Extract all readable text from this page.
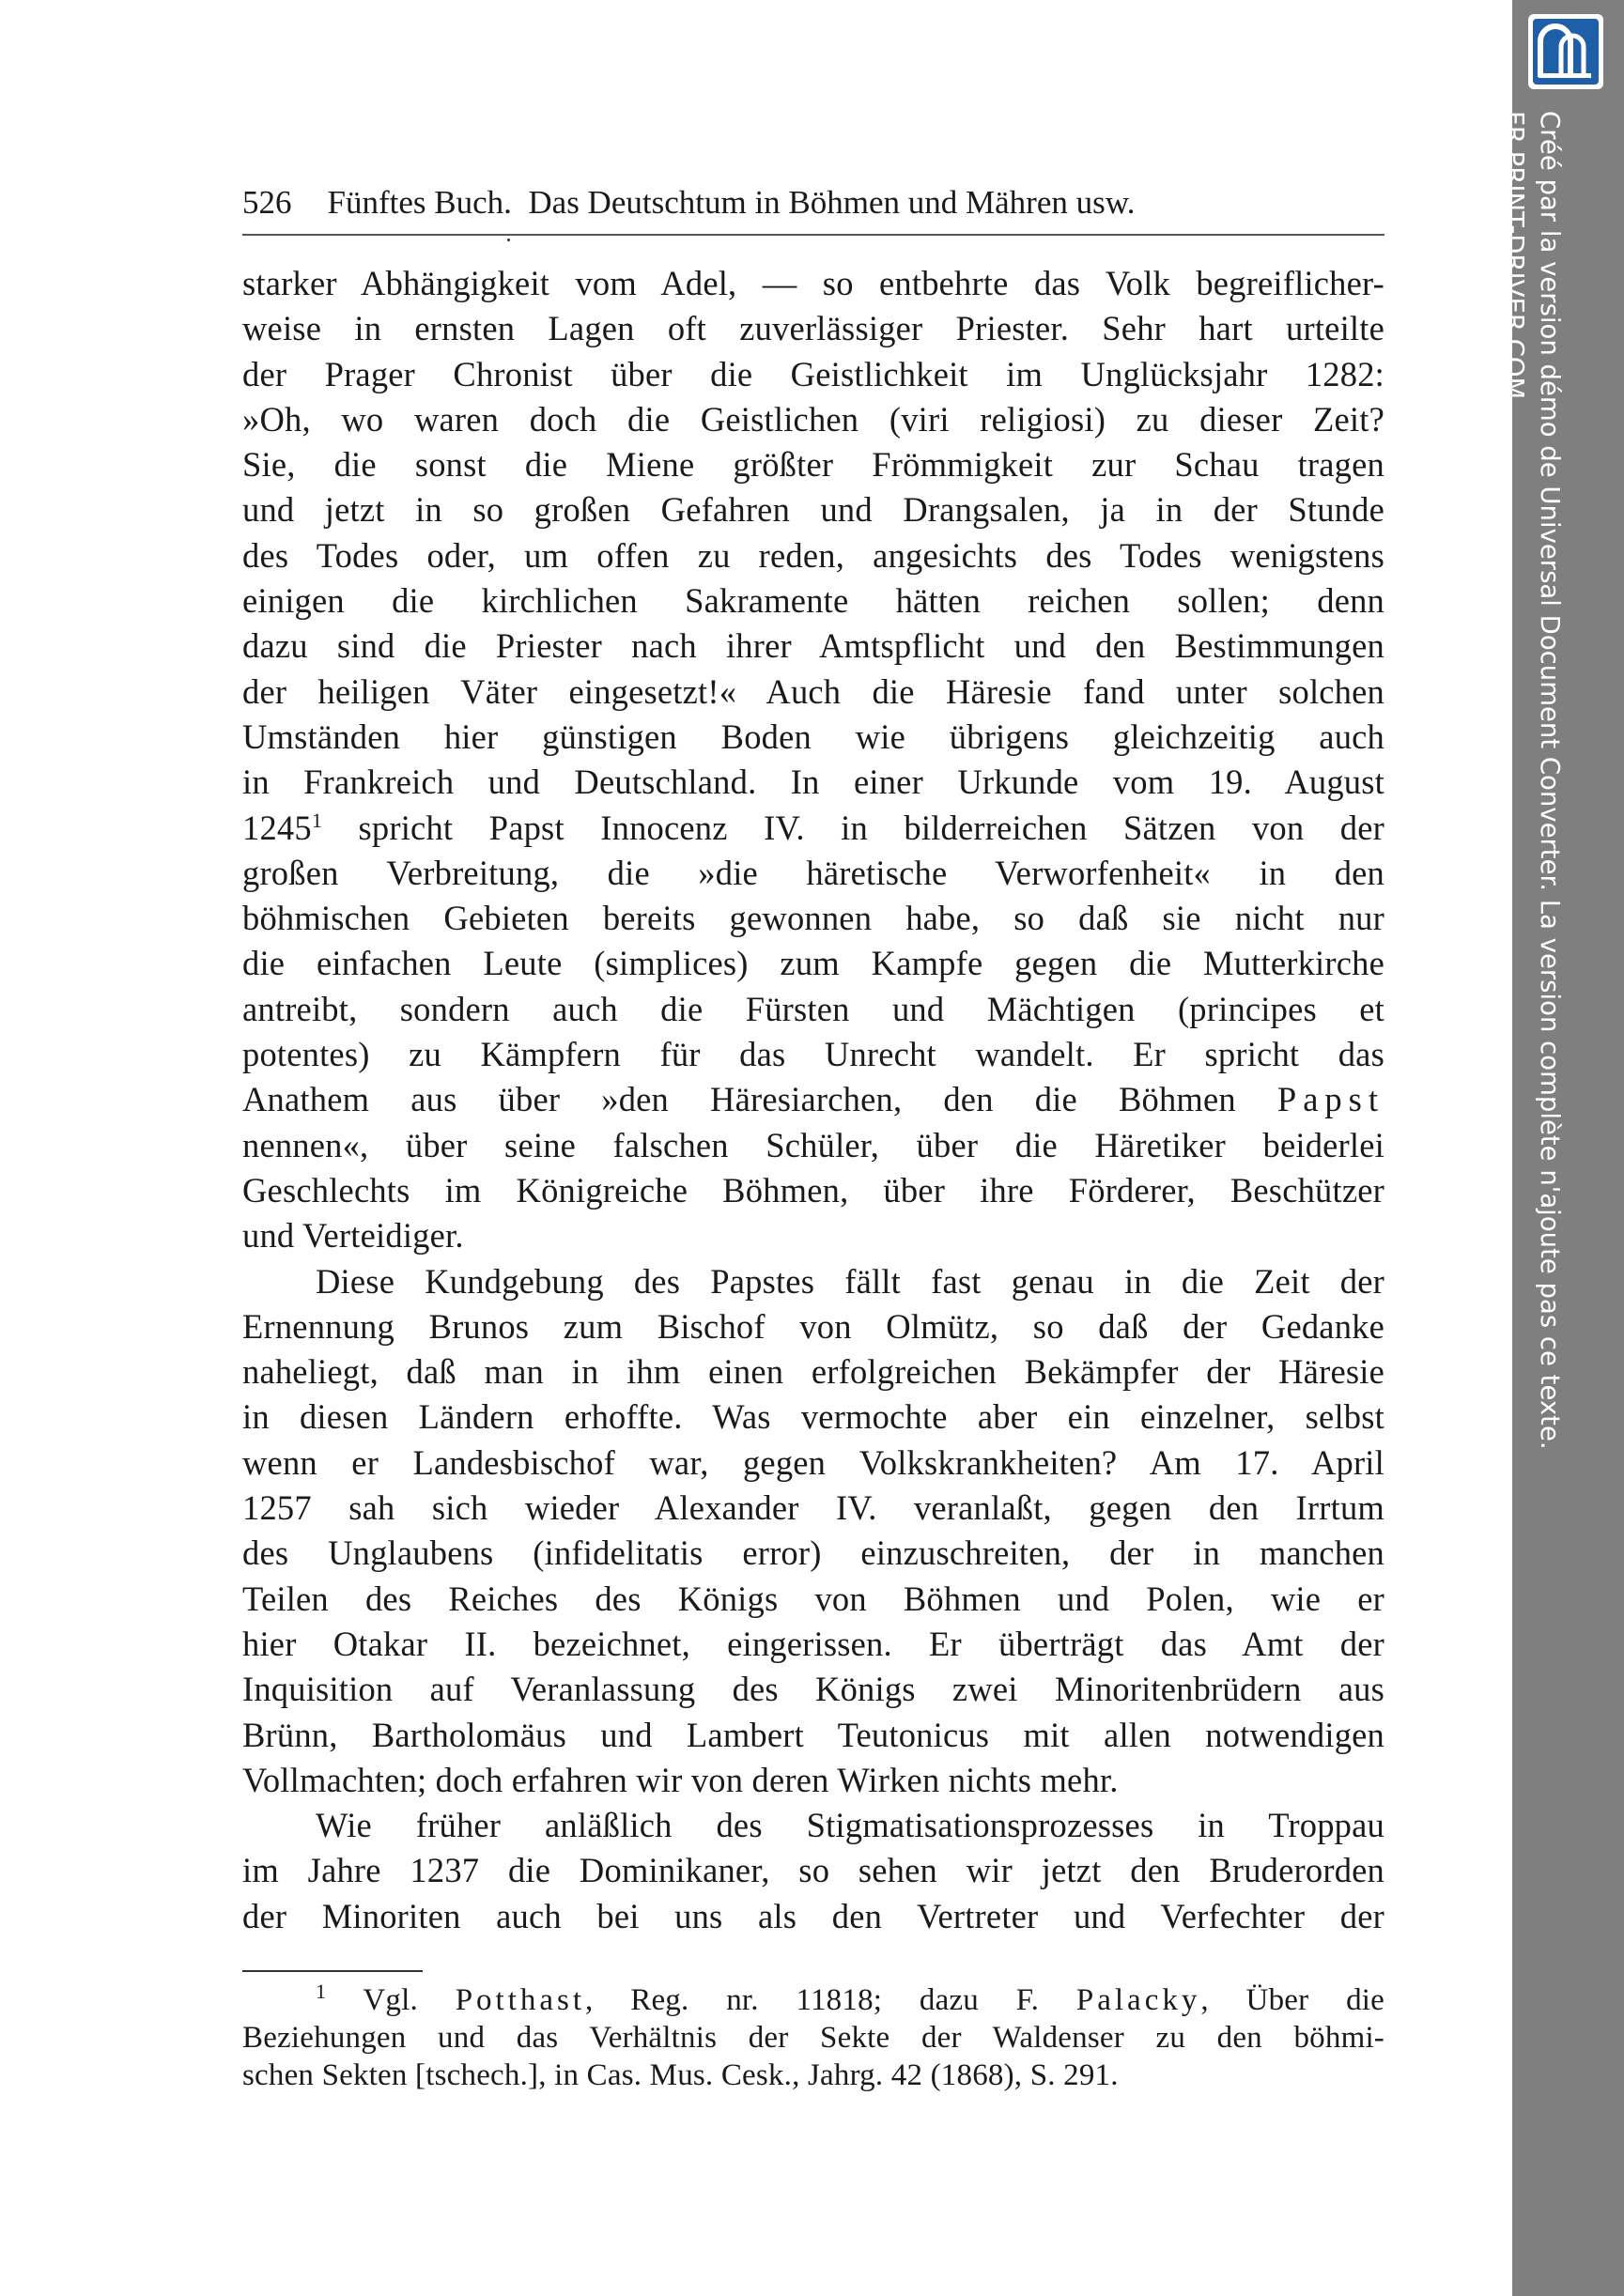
526 Fünftes Buch.  Das Deutschtum in Böhmen und Mähren usw.

starker Abhängigkeit vom Adel, — so entbehrte das Volk begreiflicher-
weise in ernsten Lagen oft zuverlässiger Priester. Sehr hart urteilte
der Prager Chronist über die Geistlichkeit im Unglücksjahr 1282:
»Oh, wo waren doch die Geistlichen (viri religiosi) zu dieser Zeit?
Sie, die sonst die Miene größter Frömmigkeit zur Schau tragen
und jetzt in so großen Gefahren und Drangsalen, ja in der Stunde
des Todes oder, um offen zu reden, angesichts des Todes wenigstens
einigen die kirchlichen Sakramente hätten reichen sollen; denn
dazu sind die Priester nach ihrer Amtspflicht und den Bestimmungen
der heiligen Väter eingesetzt!« Auch die Häresie fand unter solchen
Umständen hier günstigen Boden wie übrigens gleichzeitig auch
in Frankreich und Deutschland. In einer Urkunde vom 19. August
1245$^1$ spricht Papst Innocenz IV. in bilderreichen Sätzen von der
großen Verbreitung, die »die häretische Verworfenheit« in den
böhmischen Gebieten bereits gewonnen habe, so daß sie nicht nur
die einfachen Leute (simplices) zum Kampfe gegen die Mutterkirche
antreibt, sondern auch die Fürsten und Mächtigen (principes et
potentes) zu Kämpfern für das Unrecht wandelt. Er spricht das
Anathem aus über »den Häresiarchen, den die Böhmen Papst
nennen«, über seine falschen Schüler, über die Häretiker beiderlei
Geschlechts im Königreiche Böhmen, über ihre Förderer, Beschützer

und Verteidiger.

Diese Kundgebung des Papstes fällt fast genau in die Zeit der
Ernennung Brunos zum Bischof von Olmütz, so daß der Gedanke
naheliegt, daß man in ihm einen erfolgreichen Bekämpfer der Häresie
in diesen Ländern erhoffte. Was vermochte aber ein einzelner, selbst
wenn er Landesbischof war, gegen Volkskrankheiten? Am 17. April
1257 sah sich wieder Alexander IV. veranlaßt, gegen den Irrtum
des Unglaubens (infidelitatis error) einzuschreiten, der in manchen
Teilen des Reiches des Königs von Böhmen und Polen, wie er
hier Otakar II. bezeichnet, eingerissen. Er überträgt das Amt der
Inquisition auf Veranlassung des Königs zwei Minoritenbrüdern aus
Brünn, Bartholomäus und Lambert Teutonicus mit allen notwendigen

Vollmachten; doch erfahren wir von deren Wirken nichts mehr.

Wie früher anläßlich des Stigmatisationsprozesses in Troppau
im Jahre 1237 die Dominikaner, so sehen wir jetzt den Bruderorden
der Minoriten auch bei uns als den Vertreter und Verfechter der

$^1$ Vgl. Potthast, Reg. nr. 11818; dazu F. Palacky, Über die
Beziehungen und das Verhältnis der Sekte der Waldenser zu den böhmi-

schen Sekten [tschech.], in Cas. Mus. Cesk., Jahrg. 42 (1868), S. 291.

Créé par la version démo de Universal Document Converter. La version complète n'ajoute pas ce texte.
FR.PRINT-DRIVER.COM
